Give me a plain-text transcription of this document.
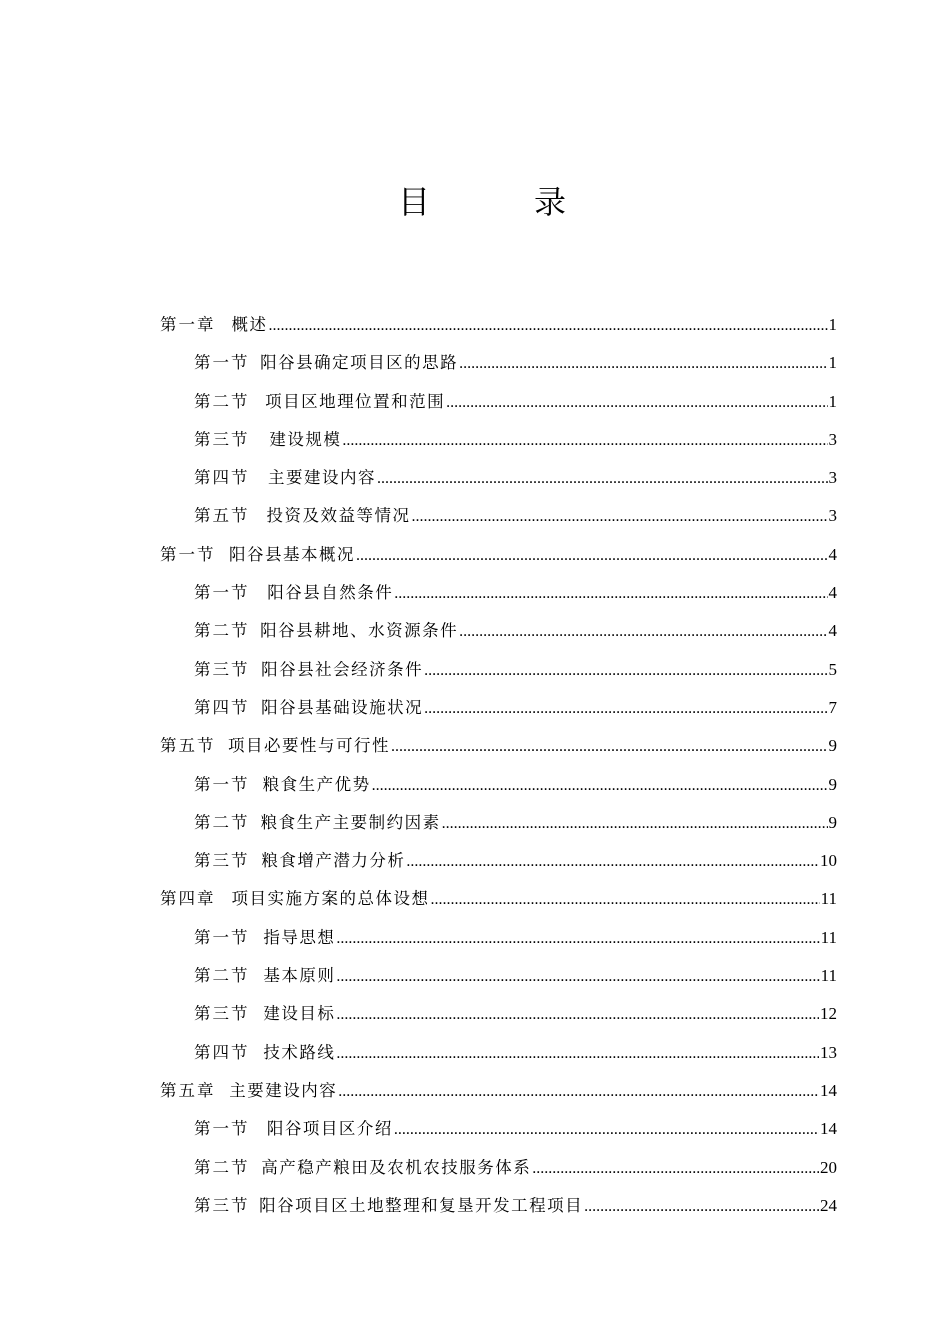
目　录
第一章 概述 .....	1
第一节 阳谷县确定项目区的思路 .....	1
第二节 项目区地理位置和范围 .....	1
第三节 建设规模 .....	3
第四节 主要建设内容 .....	3
第五节 投资及效益等情况 .....	3
第一节 阳谷县基本概况 .....	4
第一节 阳谷县自然条件 .....	4
第二节 阳谷县耕地、水资源条件 .....	4
第三节 阳谷县社会经济条件 .....	5
第四节 阳谷县基础设施状况 .....	7
第五节 项目必要性与可行性 .....	9
第一节 粮食生产优势 .....	9
第二节 粮食生产主要制约因素 .....	9
第三节 粮食增产潜力分析 .....	10
第四章 项目实施方案的总体设想 .....	11
第一节 指导思想 .....	11
第二节 基本原则 .....	11
第三节 建设目标 .....	12
第四节 技术路线 .....	13
第五章 主要建设内容 .....	14
第一节 阳谷项目区介绍 .....	14
第二节 高产稳产粮田及农机农技服务体系 .....	20
第三节 阳谷项目区土地整理和复垦开发工程项目 .....	24
